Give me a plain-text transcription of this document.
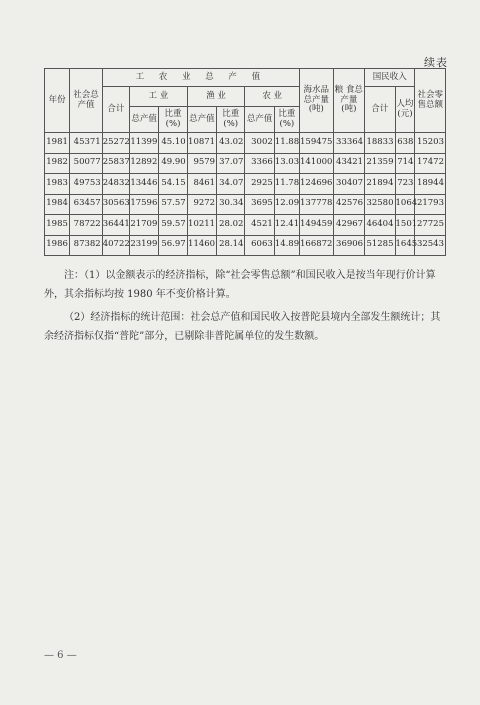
续表
年份	社会总产值	工 农 业 总 产 值							海水品总产量(吨)	粮 食总产量(吨)	国民收入		社会零售总额
		合计	工 业		渔 业		农 业				合计	人均(元)	
			总产值	比重(%)	总产值	比重(%)	总产值	比重(%)					
1981	45371	25272	11399	45.10	10871	43.02	3002	11.88	159475	33364	18833	638	15203
1982	50077	25837	12892	49.90	9579	37.07	3366	13.03	141000	43421	21359	714	17472
1983	49753	24832	13446	54.15	8461	34.07	2925	11.78	124696	30407	21894	723	18944
1984	63457	30563	17596	57.57	9272	30.34	3695	12.09	137778	42576	32580	1064	21793
1985	78722	36441	21709	59.57	10211	28.02	4521	12.41	149459	42967	46404	1501	27725
1986	87382	40722	23199	56.97	11460	28.14	6063	14.89	166872	36906	51285	1645	32543

注：（1）以金额表示的经济指标，除“社会零售总额”和国民收入是按当年现行价计算外，其余指标均按 1980 年不变价格计算。

（2）经济指标的统计范围：社会总产值和国民收入按普陀县境内全部发生额统计；其余经济指标仅指“普陀”部分，已剔除非普陀属单位的发生数额。

— 6 —
